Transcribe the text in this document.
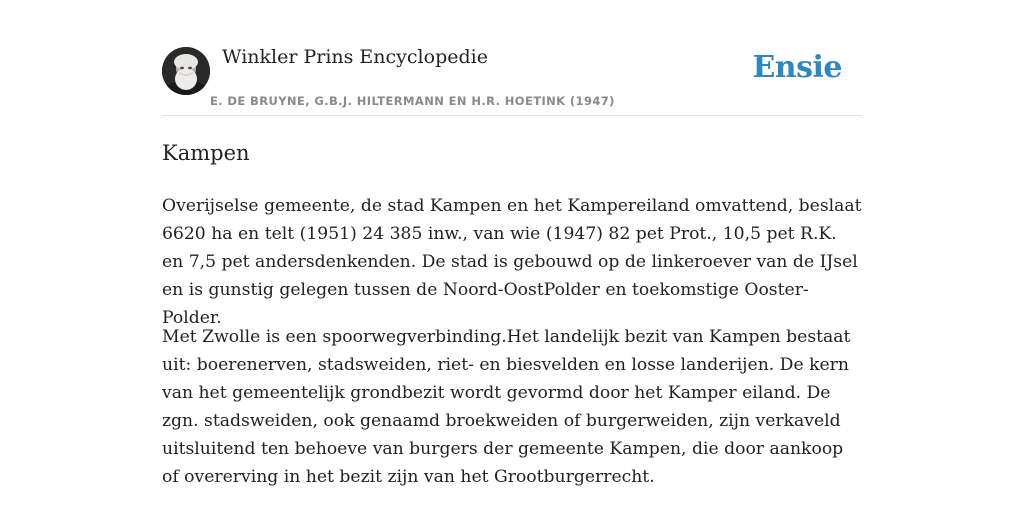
Winkler Prins Encyclopedie
E. DE BRUYNE, G.B.J. HILTERMANN EN H.R. HOETINK (1947)
Ensie
Kampen

Overijselse gemeente, de stad Kampen en het Kampereiland omvattend, beslaat 6620 ha en telt (1951) 24 385 inw., van wie (1947) 82 pet Prot., 10,5 pet R.K. en 7,5 pet andersdenkenden. De stad is gebouwd op de linkeroever van de IJsel en is gunstig gelegen tussen de Noord-OostPolder en toekomstige Ooster-Polder.

Met Zwolle is een spoorwegverbinding.Het landelijk bezit van Kampen bestaat uit: boerenerven, stadsweiden, riet- en biesvelden en losse landerijen. De kern van het gemeentelijk grondbezit wordt gevormd door het Kamper eiland. De zgn. stadsweiden, ook genaamd broekweiden of burgerweiden, zijn verkaveld uitsluitend ten behoeve van burgers der gemeente Kampen, die door aankoop of overerving in het bezit zijn van het Grootburgerrecht.
